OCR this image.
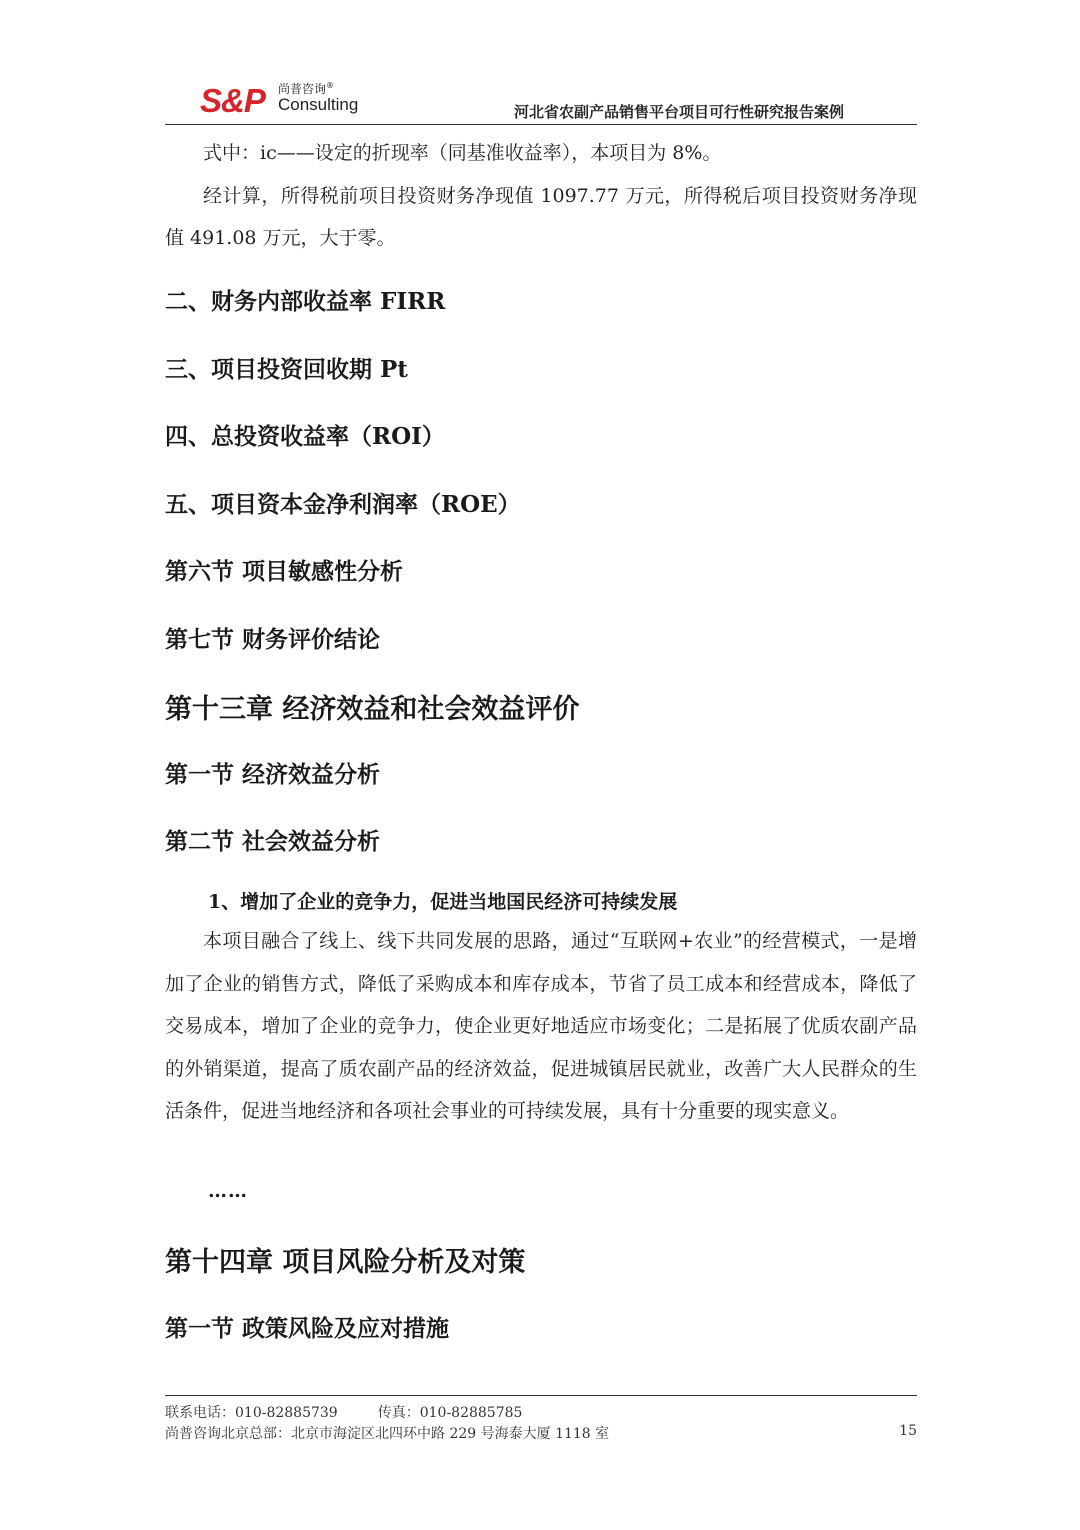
S&P 尚普咨询®
Consulting	河北省农副产品销售平台项目可行性研究报告案例

式中：ic——设定的折现率（同基准收益率），本项目为 8%。

经计算，所得税前项目投资财务净现值 1097.77 万元，所得税后项目投资财务净现值 491.08 万元，大于零。

二、财务内部收益率 FIRR
三、项目投资回收期 Pt
四、总投资收益率（ROI）
五、项目资本金净利润率（ROE）
第六节 项目敏感性分析
第七节 财务评价结论
第十三章 经济效益和社会效益评价
第一节 经济效益分析
第二节 社会效益分析
1、增加了企业的竞争力，促进当地国民经济可持续发展

本项目融合了线上、线下共同发展的思路，通过“互联网+农业”的经营模式，一是增加了企业的销售方式，降低了采购成本和库存成本，节省了员工成本和经营成本，降低了交易成本，增加了企业的竞争力，使企业更好地适应市场变化；二是拓展了优质农副产品的外销渠道，提高了质农副产品的经济效益，促进城镇居民就业，改善广大人民群众的生活条件，促进当地经济和各项社会事业的可持续发展，具有十分重要的现实意义。

……
第十四章 项目风险分析及对策
第一节 政策风险及应对措施
联系电话：010-82885739	传真：010-82885785
尚普咨询北京总部：北京市海淀区北四环中路 229 号海泰大厦 1118 室	15
